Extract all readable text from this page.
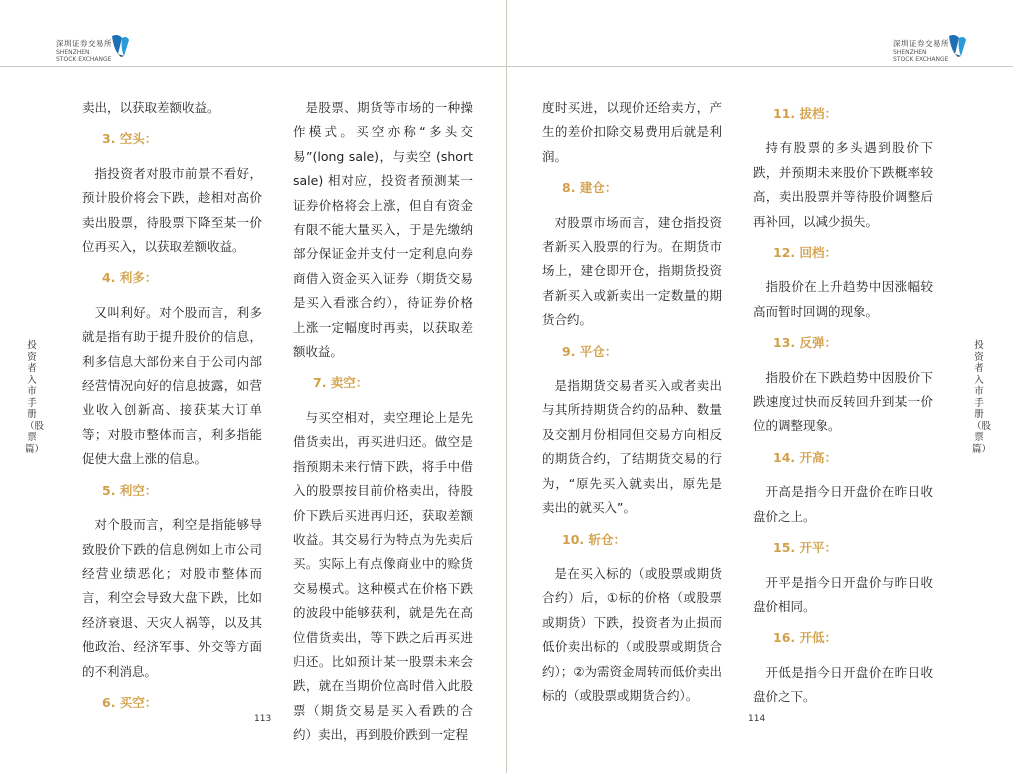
深圳证券交易所
SHENZHEN
STOCK EXCHANGE
投资者入市手册（股票篇）

卖出，以获取差额收益。

3. 空头：

指投资者对股市前景不看好，预计股价将会下跌，趁相对高价卖出股票，待股票下降至某一价位再买入，以获取差额收益。

4. 利多：

又叫利好。对个股而言，利多就是指有助于提升股价的信息，利多信息大部份来自于公司内部经营情况向好的信息披露，如营业收入创新高、接获某大订单等；对股市整体而言，利多指能促使大盘上涨的信息。

5. 利空：

对个股而言，利空是指能够导致股价下跌的信息例如上市公司经营业绩恶化；对股市整体而言，利空会导致大盘下跌，比如经济衰退、天灾人祸等，以及其他政治、经济军事、外交等方面的不利消息。

6. 买空：

是股票、期货等市场的一种操作模式。买空亦称“多头交易”(long sale)，与卖空 (short sale) 相对应，投资者预测某一证券价格将会上涨，但自有资金有限不能大量买入，于是先缴纳部分保证金并支付一定利息向券商借入资金买入证券（期货交易是买入看涨合约），待证券价格上涨一定幅度时再卖，以获取差额收益。

7. 卖空：

与买空相对，卖空理论上是先借货卖出，再买进归还。做空是指预期未来行情下跌，将手中借入的股票按目前价格卖出，待股价下跌后买进再归还，获取差额收益。其交易行为特点为先卖后买。实际上有点像商业中的赊货交易模式。这种模式在价格下跌的波段中能够获利，就是先在高位借货卖出，等下跌之后再买进归还。比如预计某一股票未来会跌，就在当期价位高时借入此股票（期货交易是买入看跌的合约）卖出，再到股价跌到一定程

113
深圳证券交易所
SHENZHEN
STOCK EXCHANGE
投资者入市手册（股票篇）

度时买进，以现价还给卖方，产生的差价扣除交易费用后就是利润。

8. 建仓：

对股票市场而言，建仓指投资者新买入股票的行为。在期货市场上，建仓即开仓，指期货投资者新买入或新卖出一定数量的期货合约。

9. 平仓：

是指期货交易者买入或者卖出与其所持期货合约的品种、数量及交割月份相同但交易方向相反的期货合约，了结期货交易的行为，“原先买入就卖出，原先是卖出的就买入”。

10. 斩仓：

是在买入标的（或股票或期货合约）后，①标的价格（或股票或期货）下跌，投资者为止损而低价卖出标的（或股票或期货合约）；②为需资金周转而低价卖出标的（或股票或期货合约）。

11. 拔档：

持有股票的多头遇到股价下跌，并预期未来股价下跌概率较高，卖出股票并等待股价调整后再补回，以减少损失。

12. 回档：

指股价在上升趋势中因涨幅较高而暂时回调的现象。

13. 反弹：

指股价在下跌趋势中因股价下跌速度过快而反转回升到某一价位的调整现象。

14. 开高：

开高是指今日开盘价在昨日收盘价之上。

15. 开平：

开平是指今日开盘价与昨日收盘价相同。

16. 开低：

开低是指今日开盘价在昨日收盘价之下。

114
